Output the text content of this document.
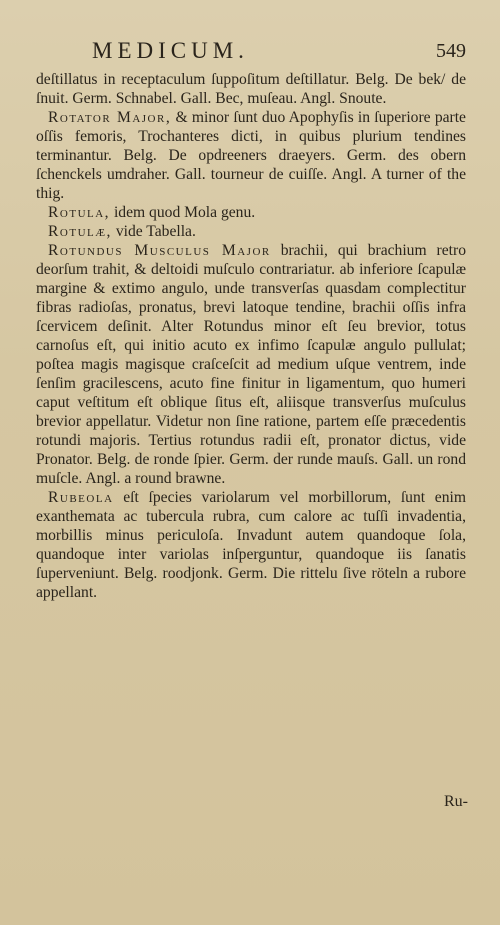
MEDICUM.	549

deſtillatus in receptaculum ſuppoſitum deſtillatur. Belg. De bek/ de ſnuit. Germ. Schnabel. Gall. Bec, muſeau. Angl. Snoute.

Rotator Major, & minor ſunt duo Apophyſis in ſuperiore parte oſſis femoris, Trochanteres dicti, in quibus plurium tendines terminantur. Belg. De opdreeners draeyers. Germ. des obern ſchenckels umdraher. Gall. tourneur de cuiſſe. Angl. A turner of the thig.

Rotula, idem quod Mola genu.

Rotulæ, vide Tabella.

Rotundus Musculus Major brachii, qui brachium retro deorſum trahit, & deltoidi muſculo contrariatur. ab inferiore ſcapulæ margine & extimo angulo, unde transverſas quasdam complectitur fibras radioſas, pronatus, brevi latoque tendine, brachii oſſis infra ſcervicem deſinit. Alter Rotundus minor eſt ſeu brevior, totus carnoſus eſt, qui initio acuto ex infimo ſcapulæ angulo pullulat; poſtea magis magisque craſceſcit ad medium uſque ventrem, inde ſenſim gracilescens, acuto fine finitur in ligamentum, quo humeri caput veſtitum eſt oblique ſitus eſt, aliisque transverſus muſculus brevior appellatur. Videtur non ſine ratione, partem eſſe præcedentis rotundi majoris. Tertius rotundus radii eſt, pronator dictus, vide Pronator. Belg. de ronde ſpier. Germ. der runde mauſs. Gall. un rond muſcle. Angl. a round brawne.

Rubeola eſt ſpecies variolarum vel morbillorum, ſunt enim exanthemata ac tubercula rubra, cum calore ac tuſſi invadentia, morbillis minus periculoſa. Invadunt autem quandoque ſola, quandoque inter variolas inſperguntur, quandoque iis ſanatis ſuperveniunt. Belg. roodjonk. Germ. Die rittelu ſive röteln a rubore appellant.

Ru-
